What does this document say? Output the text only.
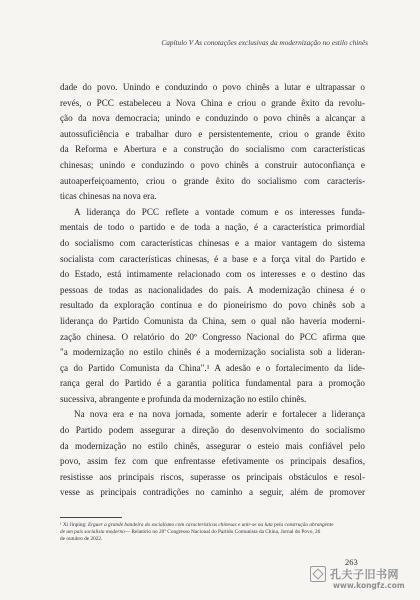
Capítulo V As conotações exclusivas da modernização no estilo chinês
dade do povo. Unindo e conduzindo o povo chinês a lutar e ultrapassar o
revés, o PCC estabeleceu a Nova China e criou o grande êxito da revolu-
ção da nova democracia; unindo e conduzindo o povo chinês a alcançar a
autossuficiência e trabalhar duro e persistentemente, criou o grande êxito
da Reforma e Abertura e a construção do socialismo com características
chinesas; unindo e conduzindo o povo chinês a construir autoconfiança e
autoaperfeiçoamento, criou o grande êxito do socialismo com caracterís-
ticas chinesas na nova era.
A liderança do PCC reflete a vontade comum e os interesses funda-
mentais de todo o partido e de toda a nação, é a característica primordial
do socialismo com características chinesas e a maior vantagem do sistema
socialista com características chinesas, é a base e a força vital do Partido e
do Estado, está intimamente relacionado com os interesses e o destino das
pessoas de todas as nacionalidades do país. A modernização chinesa é o
resultado da exploração contínua e do pioneirismo do povo chinês sob a
liderança do Partido Comunista da China, sem o qual não haveria moderni-
zação chinesa. O relatório do 20º Congresso Nacional do PCC afirma que
"a modernização no estilo chinês é a modernização socialista sob a lideran-
ça do Partido Comunista da China".¹ A adesão e o fortalecimento da lide-
rança geral do Partido é a garantia política fundamental para a promoção
sucessiva, abrangente e profunda da modernização no estilo chinês.
Na nova era e na nova jornada, somente aderir e fortalecer a liderança
do Partido podem assegurar a direção do desenvolvimento do socialismo
da modernização no estilo chinês, assegurar o esteio mais confiável pelo
povo, assim fez com que enfrentasse efetivamente os principais desafios,
resistisse aos principais riscos, superasse os principais obstáculos e resol-
vesse as principais contradições no caminho a seguir, além de promover
¹ Xi Jinping: Erguer a grande bandeira do socialismo com características chinesas e unir-se na luta pela construção abrangente
de um país socialista moderno— Relatório no 20º Congresso Nacional do Partido Comunista da China, Jornal do Povo, 26
de outubro de 2022.
263
孔夫子旧书网
www.kongfz.com
